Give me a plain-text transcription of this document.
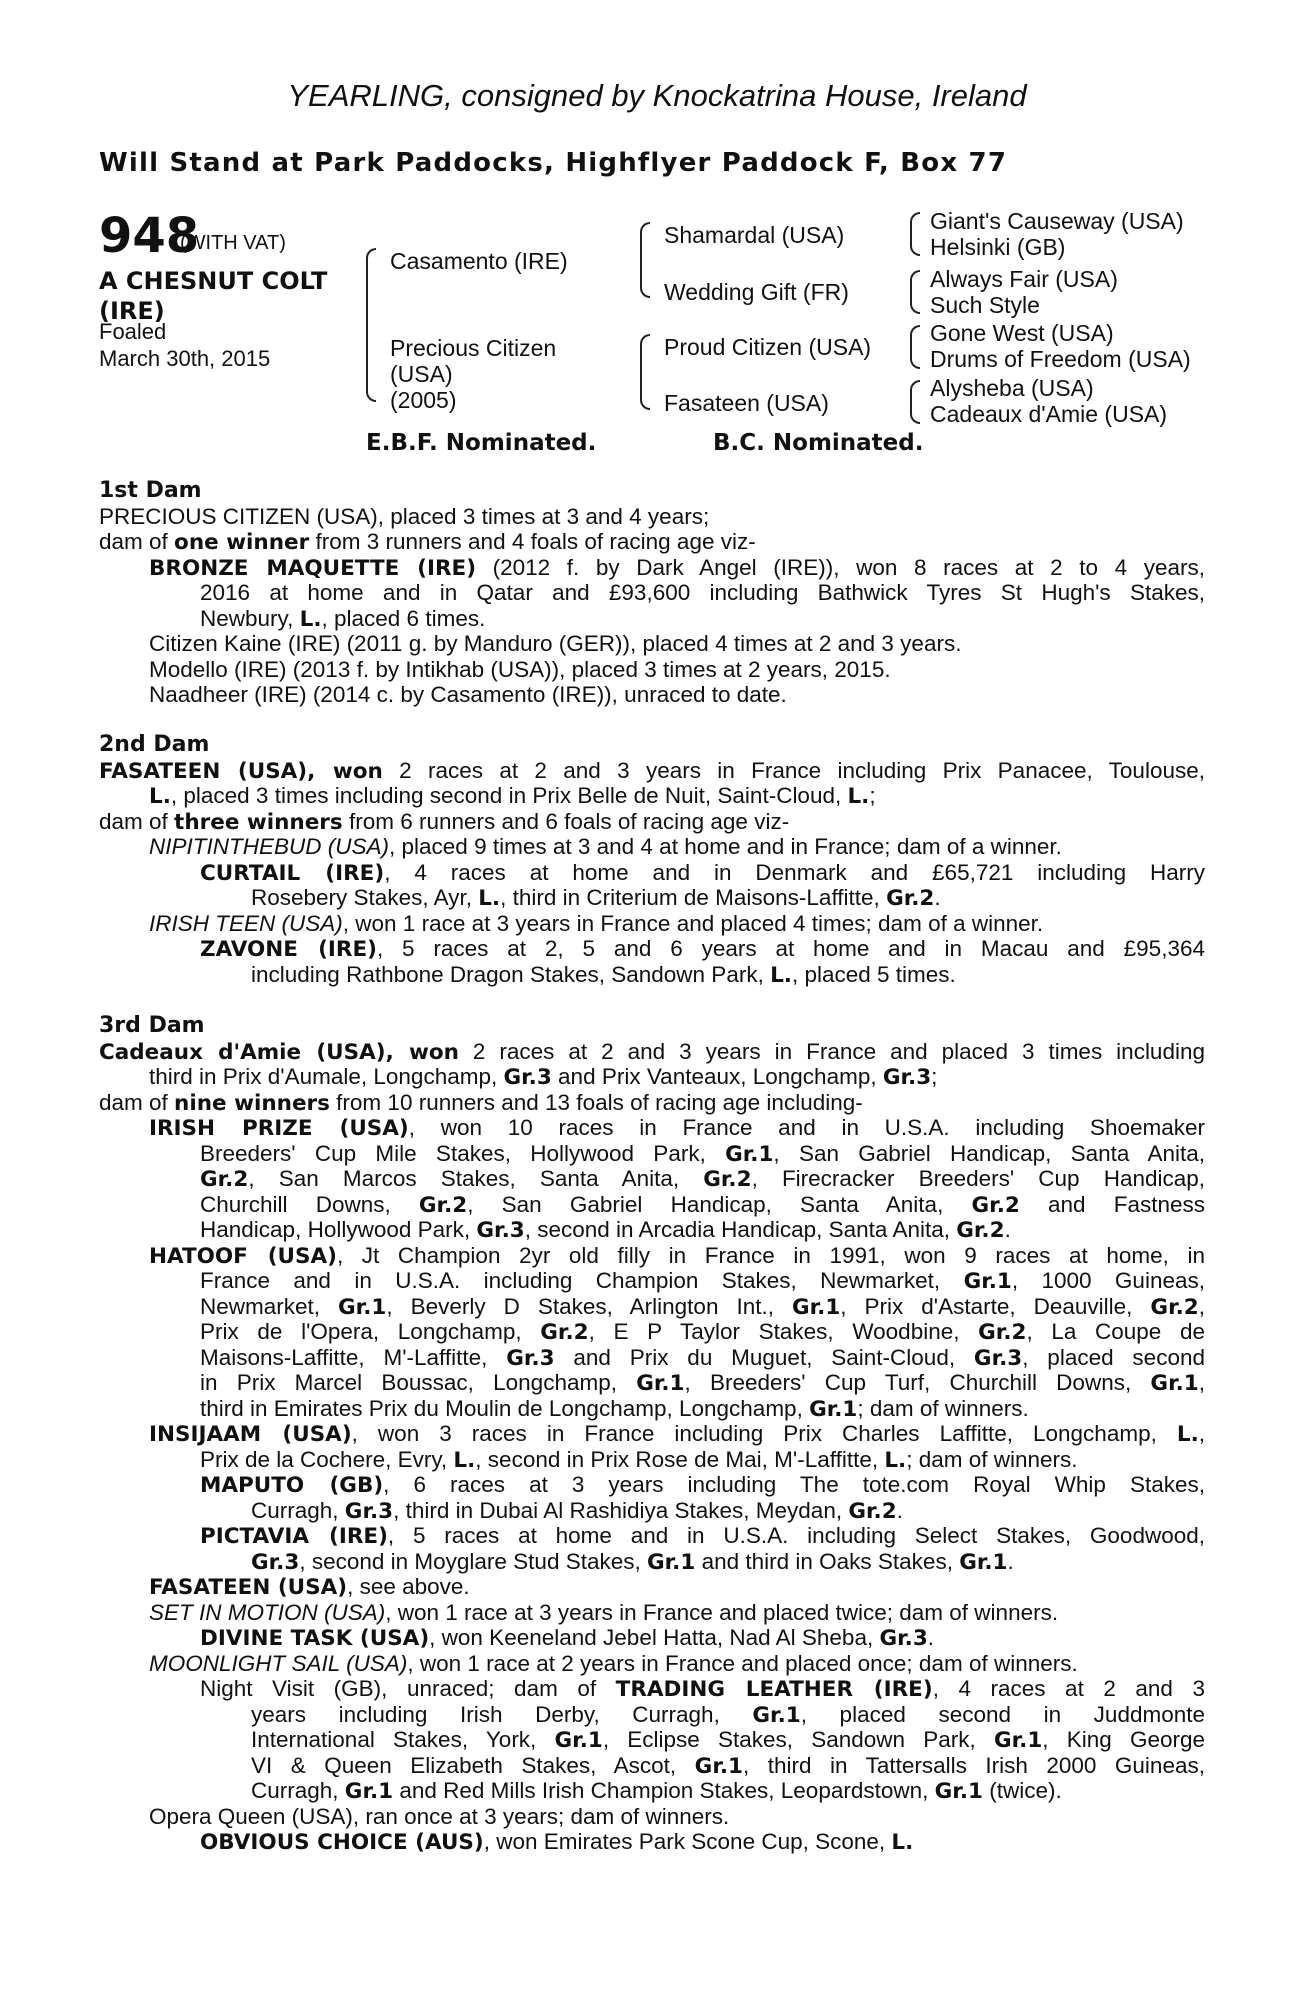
YEARLING, consigned by Knockatrina House, Ireland
Will Stand at Park Paddocks, Highflyer Paddock F, Box 77
948
(WITH VAT)
A CHESNUT COLT (IRE)
Foaled
March 30th, 2015
Casamento (IRE)
Precious Citizen
(USA)
(2005)
Shamardal (USA)
Wedding Gift (FR)
Proud Citizen (USA)
Fasateen (USA)
Giant's Causeway (USA)
Helsinki (GB)
Always Fair (USA)
Such Style
Gone West (USA)
Drums of Freedom (USA)
Alysheba (USA)
Cadeaux d'Amie (USA)
E.B.F. Nominated.	B.C. Nominated.
1st Dam
PRECIOUS CITIZEN (USA), placed 3 times at 3 and 4 years;
dam of one winner from 3 runners and 4 foals of racing age viz-
BRONZE MAQUETTE (IRE) (2012 f. by Dark Angel (IRE)), won 8 races at 2 to 4 years,
2016 at home and in Qatar and £93,600 including Bathwick Tyres St Hugh's Stakes,
Newbury, L., placed 6 times.
Citizen Kaine (IRE) (2011 g. by Manduro (GER)), placed 4 times at 2 and 3 years.
Modello (IRE) (2013 f. by Intikhab (USA)), placed 3 times at 2 years, 2015.
Naadheer (IRE) (2014 c. by Casamento (IRE)), unraced to date.
2nd Dam
FASATEEN (USA), won 2 races at 2 and 3 years in France including Prix Panacee, Toulouse,
L., placed 3 times including second in Prix Belle de Nuit, Saint-Cloud, L.;
dam of three winners from 6 runners and 6 foals of racing age viz-
NIPITINTHEBUD (USA), placed 9 times at 3 and 4 at home and in France; dam of a winner.
CURTAIL (IRE), 4 races at home and in Denmark and £65,721 including Harry
Rosebery Stakes, Ayr, L., third in Criterium de Maisons-Laffitte, Gr.2.
IRISH TEEN (USA), won 1 race at 3 years in France and placed 4 times; dam of a winner.
ZAVONE (IRE), 5 races at 2, 5 and 6 years at home and in Macau and £95,364
including Rathbone Dragon Stakes, Sandown Park, L., placed 5 times.
3rd Dam
Cadeaux d'Amie (USA), won 2 races at 2 and 3 years in France and placed 3 times including
third in Prix d'Aumale, Longchamp, Gr.3 and Prix Vanteaux, Longchamp, Gr.3;
dam of nine winners from 10 runners and 13 foals of racing age including-
IRISH PRIZE (USA), won 10 races in France and in U.S.A. including Shoemaker
Breeders' Cup Mile Stakes, Hollywood Park, Gr.1, San Gabriel Handicap, Santa Anita,
Gr.2, San Marcos Stakes, Santa Anita, Gr.2, Firecracker Breeders' Cup Handicap,
Churchill Downs, Gr.2, San Gabriel Handicap, Santa Anita, Gr.2 and Fastness
Handicap, Hollywood Park, Gr.3, second in Arcadia Handicap, Santa Anita, Gr.2.
HATOOF (USA), Jt Champion 2yr old filly in France in 1991, won 9 races at home, in
France and in U.S.A. including Champion Stakes, Newmarket, Gr.1, 1000 Guineas,
Newmarket, Gr.1, Beverly D Stakes, Arlington Int., Gr.1, Prix d'Astarte, Deauville, Gr.2,
Prix de l'Opera, Longchamp, Gr.2, E P Taylor Stakes, Woodbine, Gr.2, La Coupe de
Maisons-Laffitte, M'-Laffitte, Gr.3 and Prix du Muguet, Saint-Cloud, Gr.3, placed second
in Prix Marcel Boussac, Longchamp, Gr.1, Breeders' Cup Turf, Churchill Downs, Gr.1,
third in Emirates Prix du Moulin de Longchamp, Longchamp, Gr.1; dam of winners.
INSIJAAM (USA), won 3 races in France including Prix Charles Laffitte, Longchamp, L.,
Prix de la Cochere, Evry, L., second in Prix Rose de Mai, M'-Laffitte, L.; dam of winners.
MAPUTO (GB), 6 races at 3 years including The tote.com Royal Whip Stakes,
Curragh, Gr.3, third in Dubai Al Rashidiya Stakes, Meydan, Gr.2.
PICTAVIA (IRE), 5 races at home and in U.S.A. including Select Stakes, Goodwood,
Gr.3, second in Moyglare Stud Stakes, Gr.1 and third in Oaks Stakes, Gr.1.
FASATEEN (USA), see above.
SET IN MOTION (USA), won 1 race at 3 years in France and placed twice; dam of winners.
DIVINE TASK (USA), won Keeneland Jebel Hatta, Nad Al Sheba, Gr.3.
MOONLIGHT SAIL (USA), won 1 race at 2 years in France and placed once; dam of winners.
Night Visit (GB), unraced; dam of TRADING LEATHER (IRE), 4 races at 2 and 3
years including Irish Derby, Curragh, Gr.1, placed second in Juddmonte
International Stakes, York, Gr.1, Eclipse Stakes, Sandown Park, Gr.1, King George
VI & Queen Elizabeth Stakes, Ascot, Gr.1, third in Tattersalls Irish 2000 Guineas,
Curragh, Gr.1 and Red Mills Irish Champion Stakes, Leopardstown, Gr.1 (twice).
Opera Queen (USA), ran once at 3 years; dam of winners.
OBVIOUS CHOICE (AUS), won Emirates Park Scone Cup, Scone, L.
